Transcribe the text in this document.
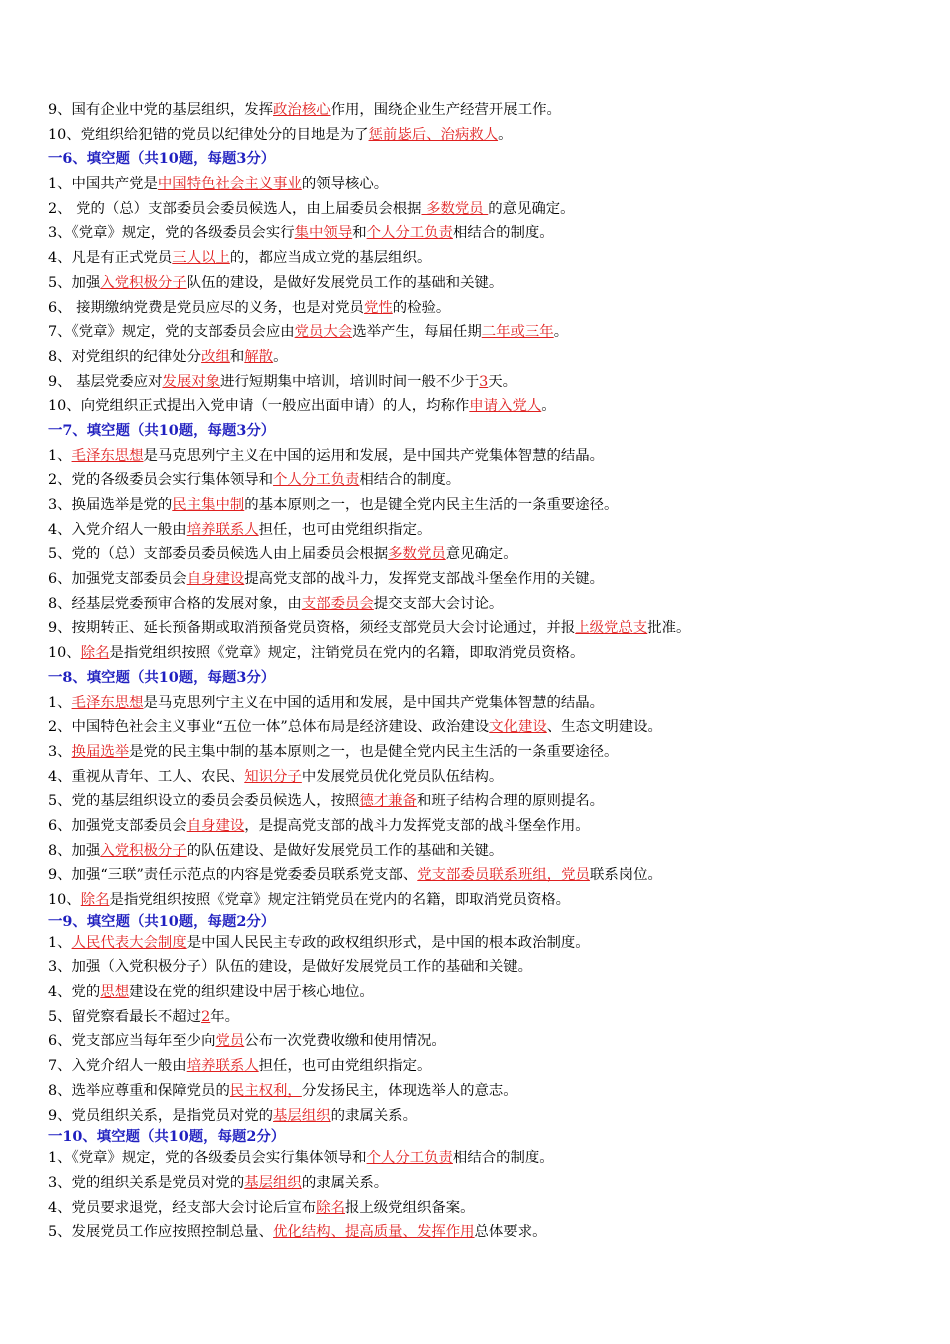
9、国有企业中党的基层组织，发挥政治核心作用，围绕企业生产经营开展工作。
10、党组织给犯错的党员以纪律处分的目地是为了惩前毖后、治病救人。
一6、填空题（共10题，每题3分）
1、中国共产党是中国特色社会主义事业的领导核心。
2、 党的（总）支部委员会委员候选人，由上届委员会根据 多数党员 的意见确定。
3、《党章》规定，党的各级委员会实行集中领导和个人分工负责相结合的制度。
4、凡是有正式党员三人以上的，都应当成立党的基层组织。
5、加强入党积极分子队伍的建设，是做好发展党员工作的基础和关键。
6、 接期缴纳党费是党员应尽的义务，也是对党员党性的检验。
7、《党章》规定，党的支部委员会应由党员大会选举产生，每届任期二年或三年。
8、对党组织的纪律处分改组和解散。
9、 基层党委应对发展对象进行短期集中培训，培训时间一般不少于3天。
10、向党组织正式提出入党申请（一般应出面申请）的人，均称作申请入党人。
一7、填空题（共10题，每题3分）
1、毛泽东思想是马克思列宁主义在中国的运用和发展，是中国共产党集体智慧的结晶。
2、党的各级委员会实行集体领导和个人分工负责相结合的制度。
3、换届选举是党的民主集中制的基本原则之一，也是键全党内民主生活的一条重要途径。
4、入党介绍人一般由培养联系人担任，也可由党组织指定。
5、党的（总）支部委员委员候选人由上届委员会根据多数党员意见确定。
6、加强党支部委员会自身建设提高党支部的战斗力，发挥党支部战斗堡垒作用的关键。
8、经基层党委预审合格的发展对象，由支部委员会提交支部大会讨论。
9、按期转正、延长预备期或取消预备党员资格，须经支部党员大会讨论通过，并报上级党总支批准。
10、除名是指党组织按照《党章》规定，注销党员在党内的名籍，即取消党员资格。
一8、填空题（共10题，每题3分）
1、毛泽东思想是马克思列宁主义在中国的适用和发展，是中国共产党集体智慧的结晶。
2、中国特色社会主义事业“五位一体”总体布局是经济建设、政治建设文化建设、生态文明建设。
3、换届选举是党的民主集中制的基本原则之一，也是健全党内民主生活的一条重要途径。
4、重视从青年、工人、农民、知识分子中发展党员优化党员队伍结构。
5、党的基层组织设立的委员会委员候选人，按照德才兼备和班子结构合理的原则提名。
6、加强党支部委员会自身建设，是提高党支部的战斗力发挥党支部的战斗堡垒作用。
8、加强入党积极分子的队伍建设、是做好发展党员工作的基础和关键。
9、加强“三联”责任示范点的内容是党委委员联系党支部、党支部委员联系班组，党员联系岗位。
10、除名是指党组织按照《党章》规定注销党员在党内的名籍，即取消党员资格。
一9、填空题（共10题，每题2分）
1、人民代表大会制度是中国人民民主专政的政权组织形式，是中国的根本政治制度。
3、加强（入党积极分子）队伍的建设，是做好发展党员工作的基础和关键。
4、党的思想建设在党的组织建设中居于核心地位。
5、留党察看最长不超过2年。
6、党支部应当每年至少向党员公布一次党费收缴和使用情况。
7、入党介绍人一般由培养联系人担任，也可由党组织指定。
8、选举应尊重和保障党员的民主权利，分发扬民主，体现选举人的意志。
9、党员组织关系，是指党员对党的基层组织的隶属关系。
一10、填空题（共10题，每题2分）
1、《党章》规定，党的各级委员会实行集体领导和个人分工负责相结合的制度。
3、党的组织关系是党员对党的基层组织的隶属关系。
4、党员要求退党，经支部大会讨论后宣布除名报上级党组织备案。
5、发展党员工作应按照控制总量、优化结构、提高质量、发挥作用总体要求。
